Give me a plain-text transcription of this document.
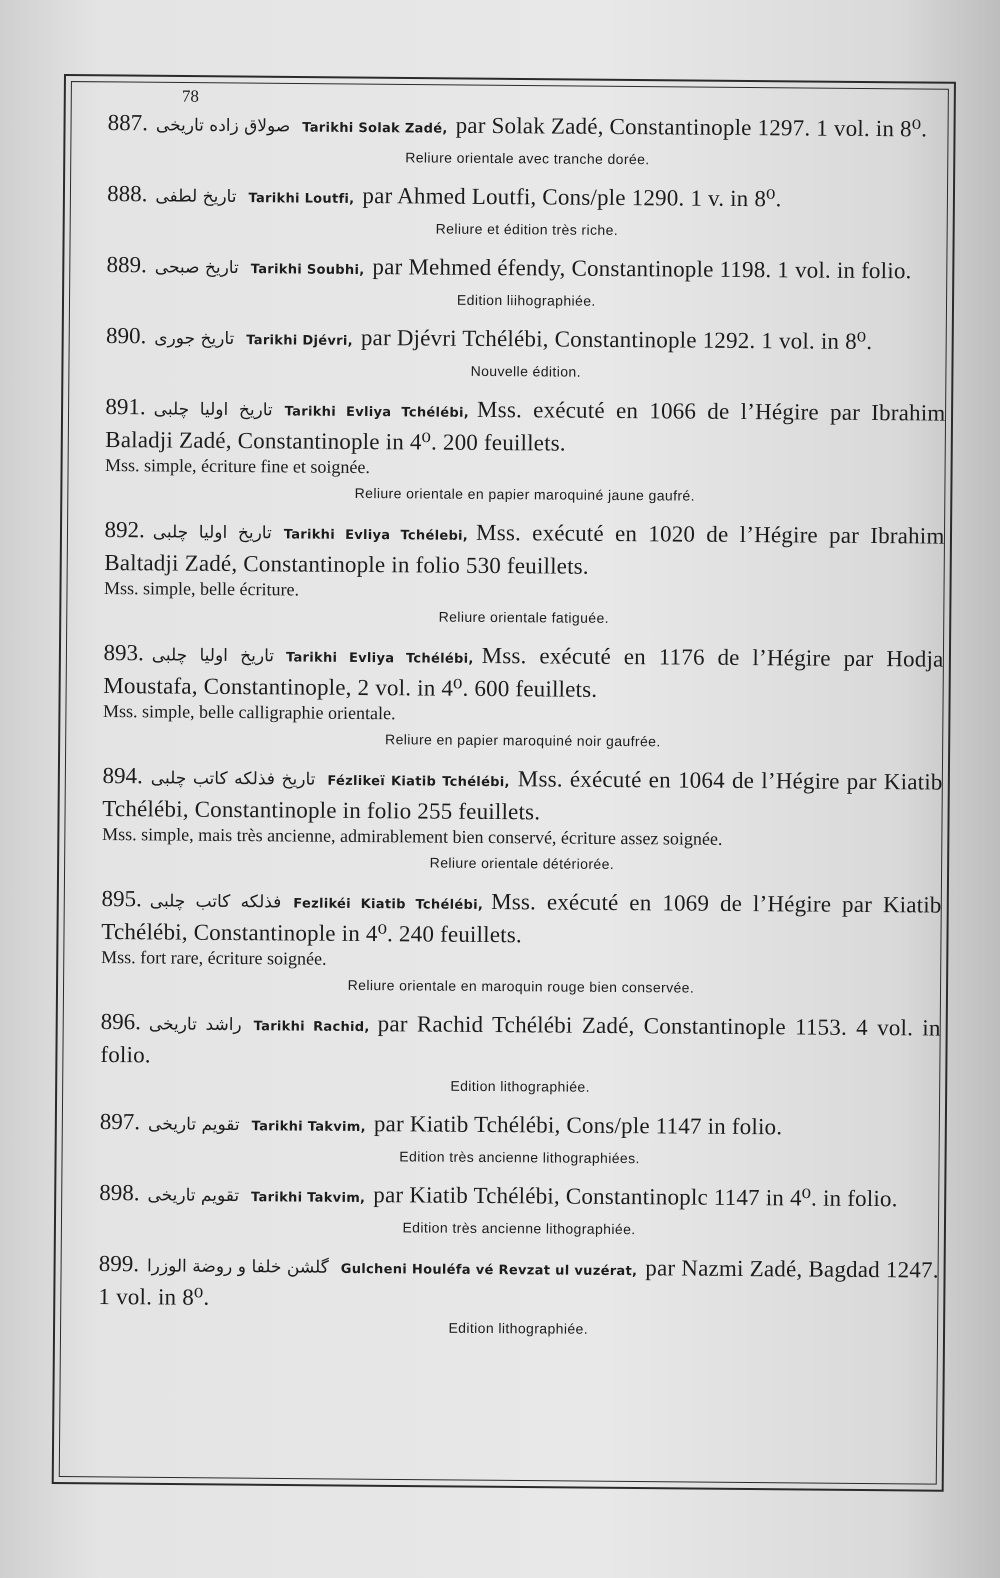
78
887. صولاق زاده تاريخى Tarikhi Solak Zadé, par Solak Zadé, Constantinople 1297. 1 vol. in 8⁰.
Reliure orientale avec tranche dorée.
888. تاريخ لطفى Tarikhi Loutfi, par Ahmed Loutfi, Cons/ple 1290. 1 v. in 8⁰.
Reliure et édition très riche.
889. تاريخ صبحى Tarikhi Soubhi, par Mehmed éfendy, Constantinople 1198. 1 vol. in folio.
Edition liihographiée.
890. تاريخ جورى Tarikhi Djévri, par Djévri Tchélébi, Constantinople 1292. 1 vol. in 8⁰.
Nouvelle édition.
891. تاريخ اوليا چلبى Tarikhi Evliya Tchélébi, Mss. exécuté en 1066 de l’Hégire par Ibrahim Baladji Zadé, Constantinople in 4⁰. 200 feuillets.
Mss. simple, écriture fine et soignée.
Reliure orientale en papier maroquiné jaune gaufré.
892. تاريخ اوليا چلبى Tarikhi Evliya Tchélebi, Mss. exécuté en 1020 de l’Hégire par Ibrahim Baltadji Zadé, Constantinople in folio 530 feuillets.
Mss. simple, belle écriture.
Reliure orientale fatiguée.
893. تاريخ اوليا چلبى Tarikhi Evliya Tchélébi, Mss. exécuté en 1176 de l’Hégire par Hodja Moustafa, Constantinople, 2 vol. in 4⁰. 600 feuillets.
Mss. simple, belle calligraphie orientale.
Reliure en papier maroquiné noir gaufrée.
894. تاريخ فذلكه كاتب چلبى Fézlikeï Kiatib Tchélébi, Mss. éxécuté en 1064 de l’Hégire par Kiatib Tchélébi, Constantinople in folio 255 feuillets.
Mss. simple, mais très ancienne, admirablement bien conservé, écriture assez soignée.
Reliure orientale détériorée.
895. فذلكه كاتب چلبى Fezlikéi Kiatib Tchélébi, Mss. exécuté en 1069 de l’Hégire par Kiatib Tchélébi, Constantinople in 4⁰. 240 feuillets.
Mss. fort rare, écriture soignée.
Reliure orientale en maroquin rouge bien conservée.
896. راشد تاريخى Tarikhi Rachid, par Rachid Tchélébi Zadé, Constantinople 1153. 4 vol. in folio.
Edition lithographiée.
897. تقويم تاريخى Tarikhi Takvim, par Kiatib Tchélébi, Cons/ple 1147 in folio.
Edition très ancienne lithographiées.
898. تقويم تاريخى Tarikhi Takvim, par Kiatib Tchélébi, Constantinoplc 1147 in 4⁰. in folio.
Edition très ancienne lithographiée.
899. گلشن خلفا و روضة الوزرا Gulcheni Houléfa vé Revzat ul vuzérat, par Nazmi Zadé, Bagdad 1247. 1 vol. in 8⁰.
Edition lithographiée.
